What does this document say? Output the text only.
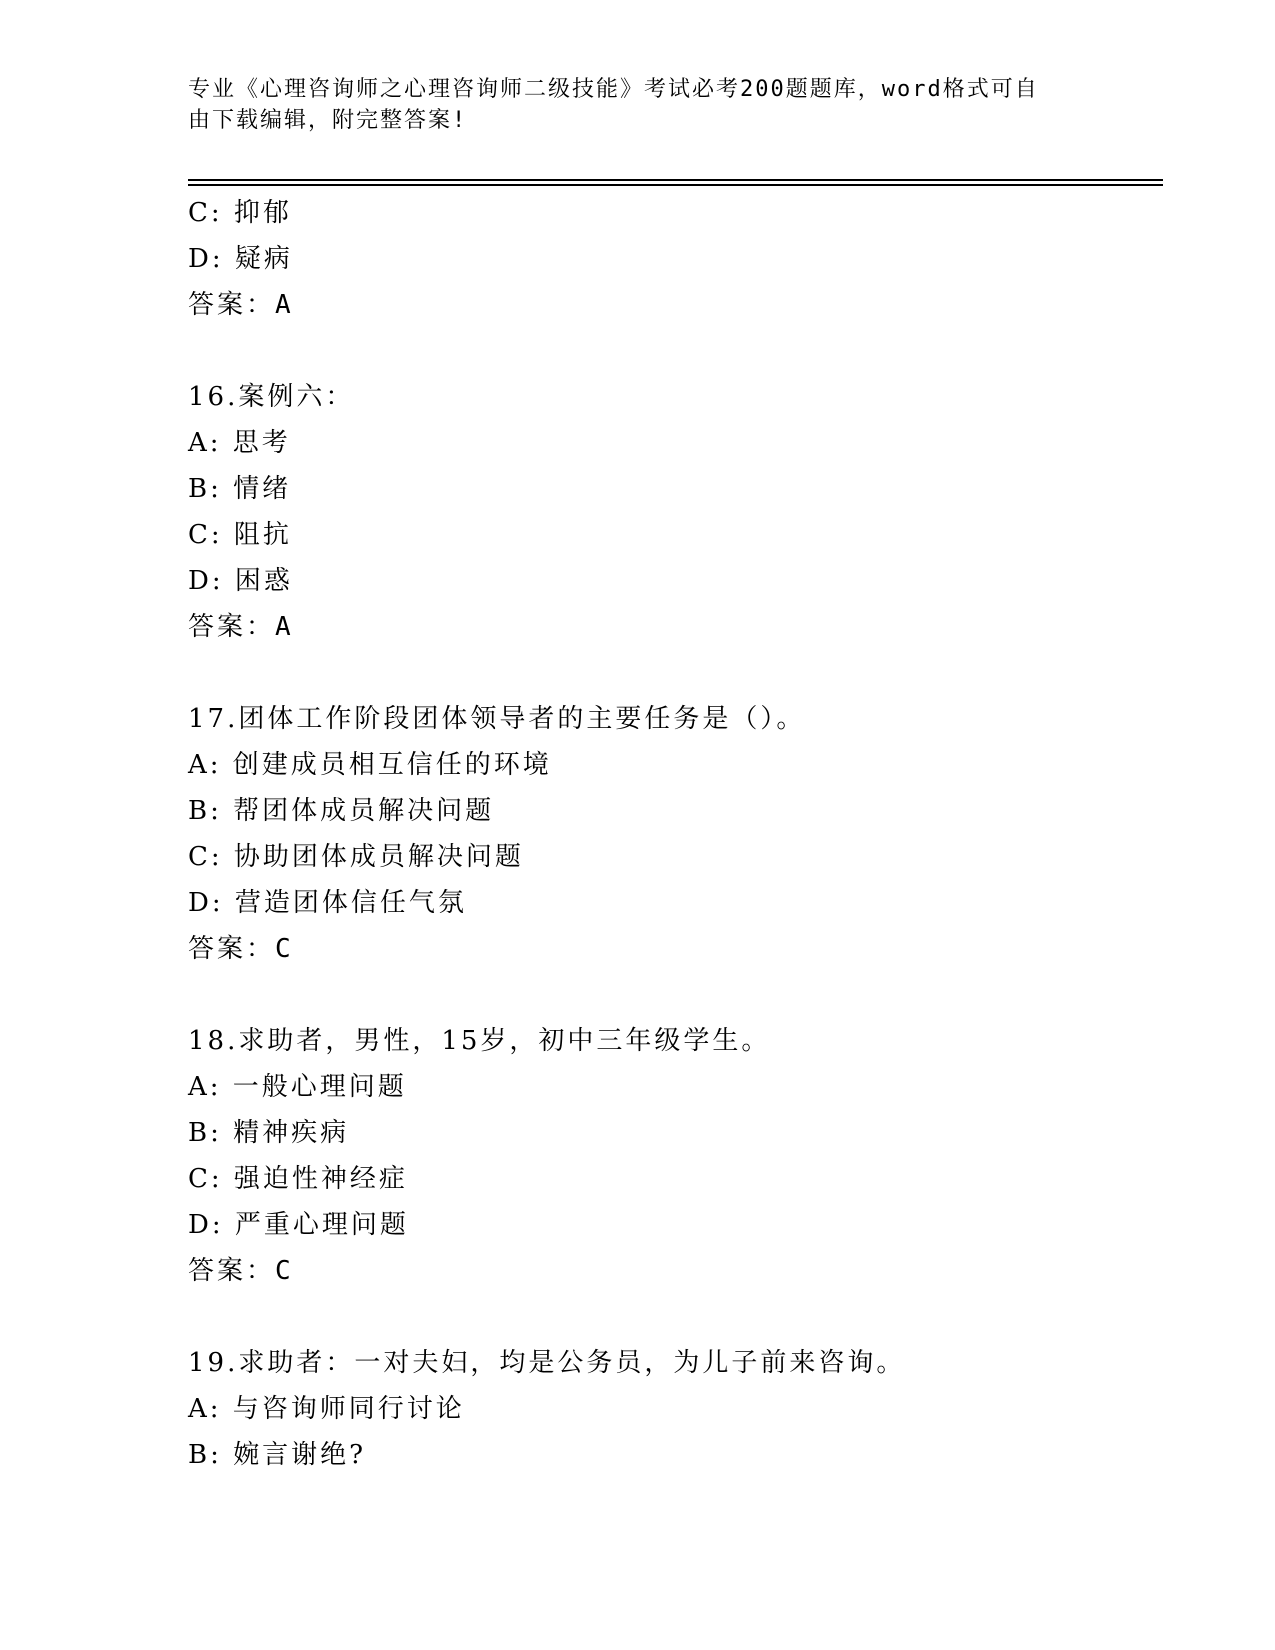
专业《心理咨询师之心理咨询师二级技能》考试必考200题题库，word格式可自
由下载编辑，附完整答案!
C: 抑郁
D: 疑病
答案：A
16.案例六：
A: 思考
B: 情绪
C: 阻抗
D: 困惑
答案：A
17.团体工作阶段团体领导者的主要任务是（）。
A: 创建成员相互信任的环境
B: 帮团体成员解决问题
C: 协助团体成员解决问题
D: 营造团体信任气氛
答案：C
18.求助者，男性，15岁，初中三年级学生。
A: 一般心理问题
B: 精神疾病
C: 强迫性神经症
D: 严重心理问题
答案：C
19.求助者：一对夫妇，均是公务员，为儿子前来咨询。
A: 与咨询师同行讨论
B: 婉言谢绝?
